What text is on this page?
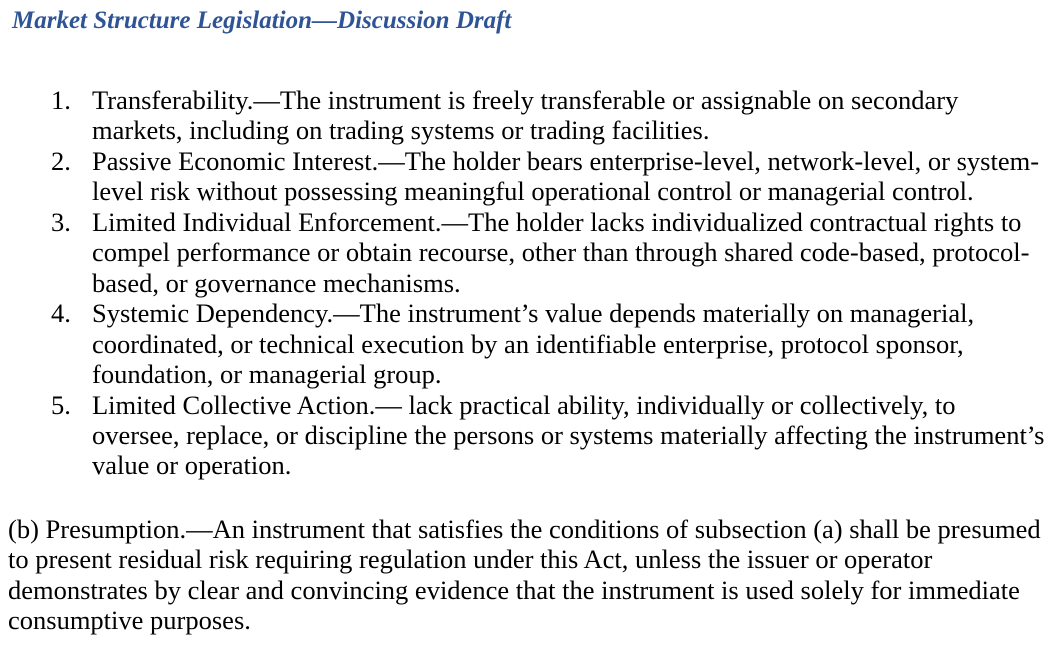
Market Structure Legislation—Discussion Draft
1. Transferability.—The instrument is freely transferable or assignable on secondary markets, including on trading systems or trading facilities.
2. Passive Economic Interest.—The holder bears enterprise-level, network-level, or system-level risk without possessing meaningful operational control or managerial control.
3. Limited Individual Enforcement.—The holder lacks individualized contractual rights to compel performance or obtain recourse, other than through shared code-based, protocol-based, or governance mechanisms.
4. Systemic Dependency.—The instrument’s value depends materially on managerial, coordinated, or technical execution by an identifiable enterprise, protocol sponsor, foundation, or managerial group.
5. Limited Collective Action.— lack practical ability, individually or collectively, to oversee, replace, or discipline the persons or systems materially affecting the instrument’s value or operation.

(b) Presumption.—An instrument that satisfies the conditions of subsection (a) shall be presumed to present residual risk requiring regulation under this Act, unless the issuer or operator demonstrates by clear and convincing evidence that the instrument is used solely for immediate consumptive purposes.
